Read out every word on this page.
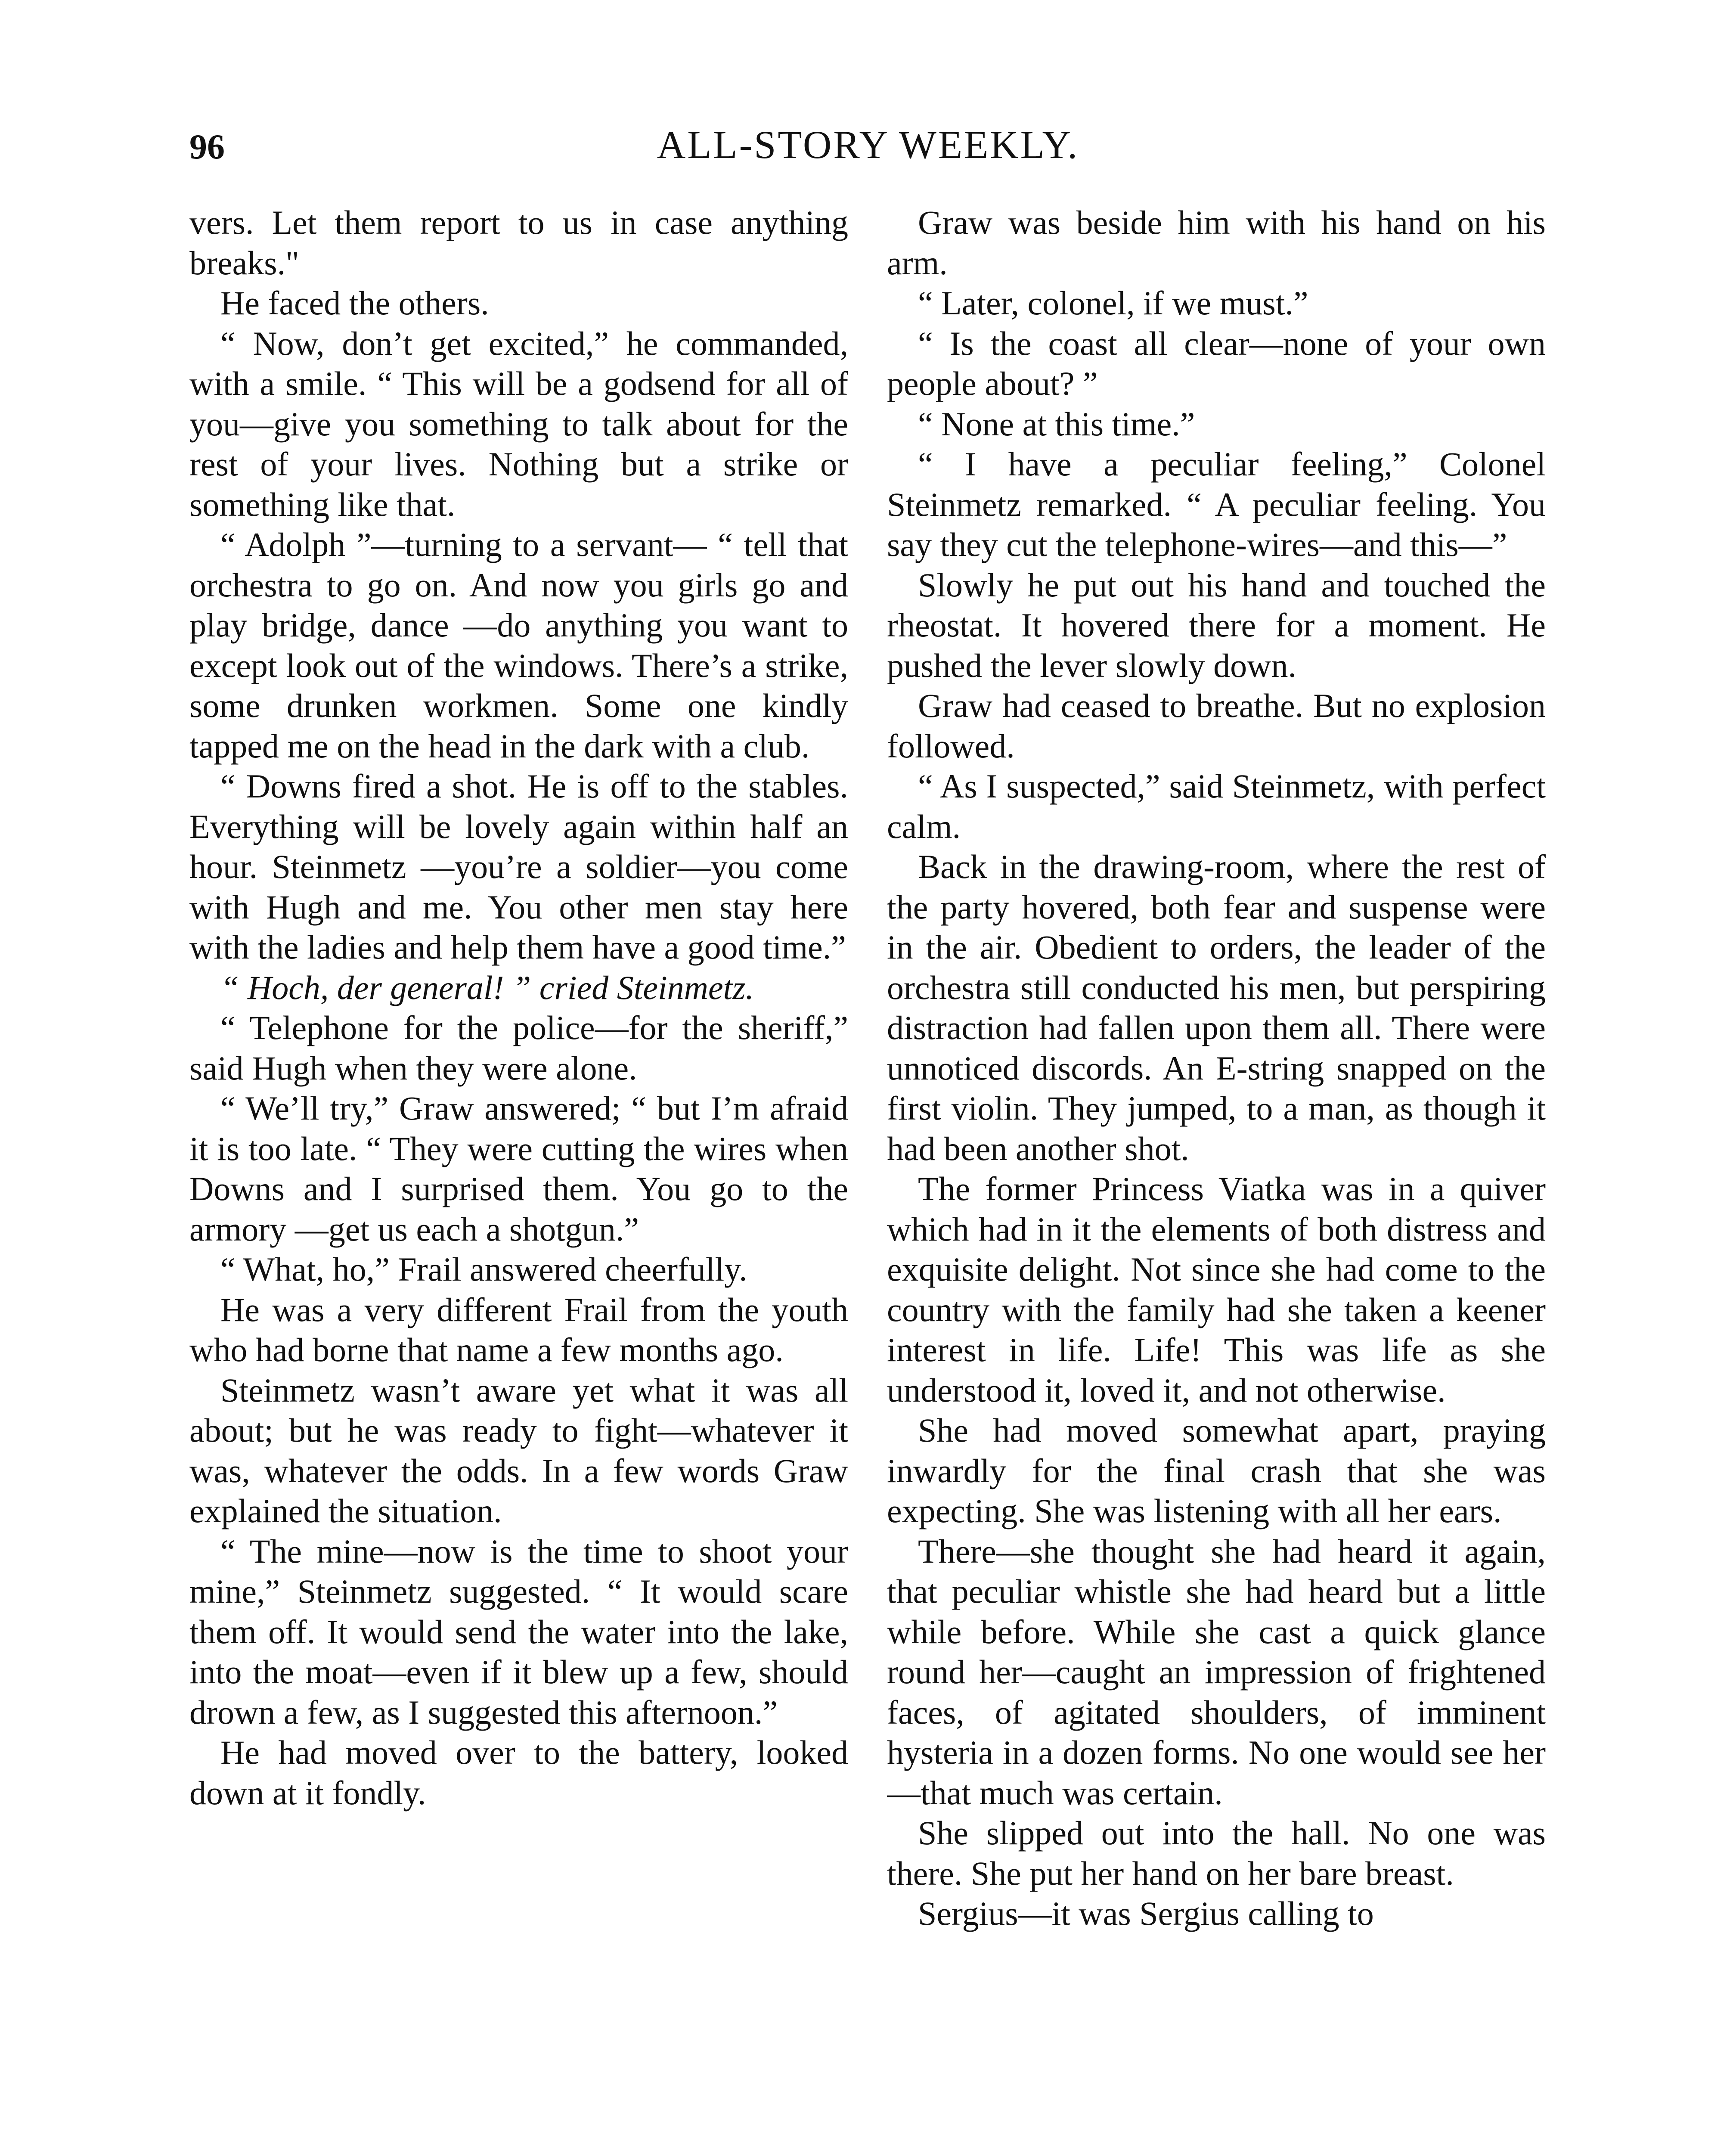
96	ALL-STORY WEEKLY.

vers. Let them report to us in case anything breaks."

He faced the others.

“ Now, don’t get excited,” he commanded, with a smile. “ This will be a godsend for all of you—give you something to talk about for the rest of your lives. Nothing but a strike or something like that.

“ Adolph ”—turning to a servant— “ tell that orchestra to go on. And now you girls go and play bridge, dance —do anything you want to except look out of the windows. There’s a strike, some drunken workmen. Some one kindly tapped me on the head in the dark with a club.

“ Downs fired a shot. He is off to the stables. Everything will be lovely again within half an hour. Steinmetz —you’re a soldier—you come with Hugh and me. You other men stay here with the ladies and help them have a good time.”

“ Hoch, der general! ” cried Steinmetz.

“ Telephone for the police—for the sheriff,” said Hugh when they were alone.

“ We’ll try,” Graw answered; “ but I’m afraid it is too late. “ They were cutting the wires when Downs and I surprised them. You go to the armory —get us each a shotgun.”

“ What, ho,” Frail answered cheerfully.

He was a very different Frail from the youth who had borne that name a few months ago.

Steinmetz wasn’t aware yet what it was all about; but he was ready to fight—whatever it was, whatever the odds. In a few words Graw explained the situation.

“ The mine—now is the time to shoot your mine,” Steinmetz suggested. “ It would scare them off. It would send the water into the lake, into the moat—even if it blew up a few, should drown a few, as I suggested this afternoon.”

He had moved over to the battery, looked down at it fondly.

Graw was beside him with his hand on his arm.

“ Later, colonel, if we must.”

“ Is the coast all clear—none of your own people about? ”

“ None at this time.”

“ I have a peculiar feeling,” Colonel Steinmetz remarked. “ A peculiar feeling. You say they cut the telephone-wires—and this—”

Slowly he put out his hand and touched the rheostat. It hovered there for a moment. He pushed the lever slowly down.

Graw had ceased to breathe. But no explosion followed.

“ As I suspected,” said Steinmetz, with perfect calm.

Back in the drawing-room, where the rest of the party hovered, both fear and suspense were in the air. Obedient to orders, the leader of the orchestra still conducted his men, but perspiring distraction had fallen upon them all. There were unnoticed discords. An E-string snapped on the first violin. They jumped, to a man, as though it had been another shot.

The former Princess Viatka was in a quiver which had in it the elements of both distress and exquisite delight. Not since she had come to the country with the family had she taken a keener interest in life. Life! This was life as she understood it, loved it, and not otherwise.

She had moved somewhat apart, praying inwardly for the final crash that she was expecting. She was listening with all her ears.

There—she thought she had heard it again, that peculiar whistle she had heard but a little while before. While she cast a quick glance round her—caught an impression of frightened faces, of agitated shoulders, of imminent hysteria in a dozen forms. No one would see her—that much was certain.

She slipped out into the hall. No one was there. She put her hand on her bare breast.

Sergius—it was Sergius calling to
